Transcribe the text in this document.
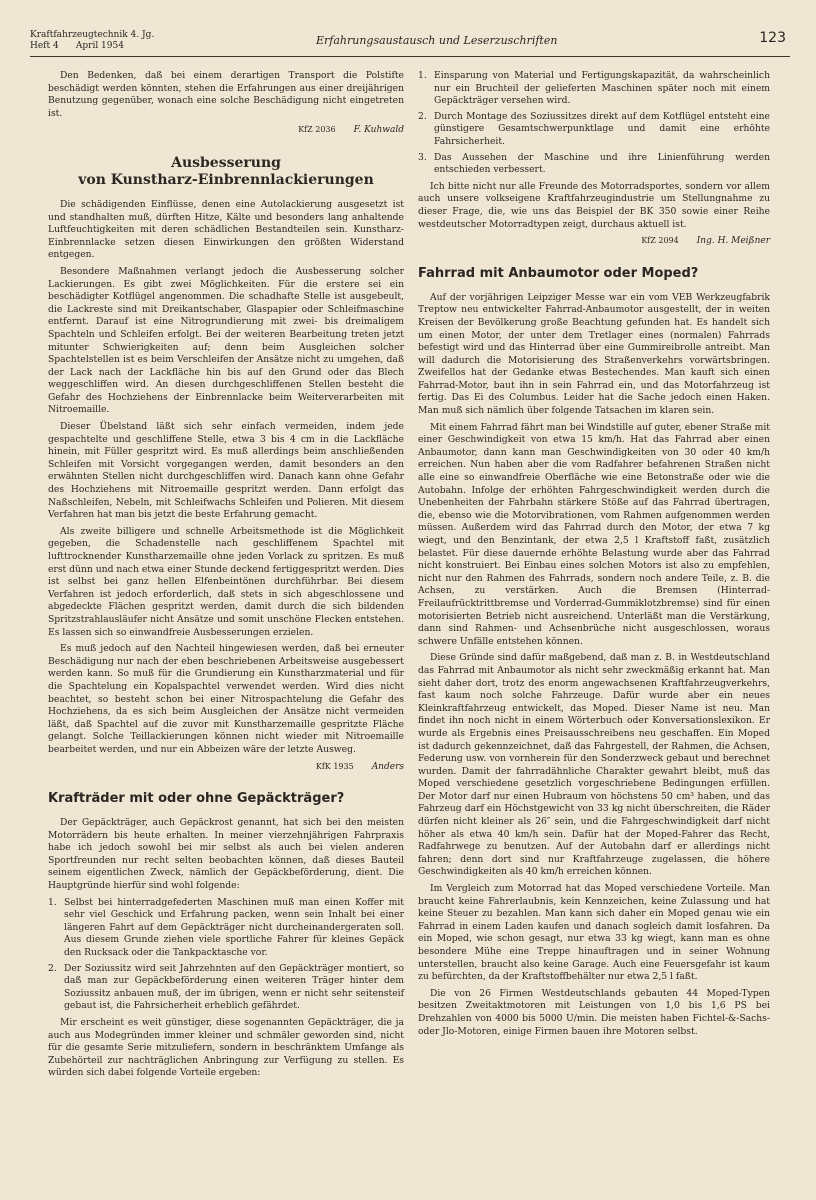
Kraftfahrzeugtechnik 4. Jg.
Heft 4      April 1954	Erfahrungsaustausch und Leserzuschriften	123

Den Bedenken, daß bei einem derartigen Transport die Polstifte beschädigt werden könnten, stehen die Erfahrungen aus einer dreijährigen Benutzung gegenüber, wonach eine solche Beschädigung nicht eingetreten ist.

KfZ 2036 F. Kuhwald
Ausbesserung
von Kunstharz-Einbrennlackierungen

Die schädigenden Einflüsse, denen eine Autolackierung ausgesetzt ist und standhalten muß, dürften Hitze, Kälte und besonders lang anhaltende Luftfeuchtigkeiten mit deren schädlichen Bestandteilen sein. Kunstharz-Einbrennlacke setzen diesen Einwirkungen den größten Widerstand entgegen.

Besondere Maßnahmen verlangt jedoch die Ausbesserung solcher Lackierungen. Es gibt zwei Möglichkeiten. Für die erstere sei ein beschädigter Kotflügel angenommen. Die schadhafte Stelle ist ausgebeult, die Lackreste sind mit Dreikantschaber, Glaspapier oder Schleifmaschine entfernt. Darauf ist eine Nitrogrundierung mit zwei- bis dreimaligem Spachteln und Schleifen erfolgt. Bei der weiteren Bearbeitung treten jetzt mitunter Schwierigkeiten auf; denn beim Ausgleichen solcher Spachtelstellen ist es beim Verschleifen der Ansätze nicht zu umgehen, daß der Lack nach der Lackfläche hin bis auf den Grund oder das Blech weggeschliffen wird. An diesen durchgeschliffenen Stellen besteht die Gefahr des Hochziehens der Einbrennlacke beim Weiterverarbeiten mit Nitroemaille.

Dieser Übelstand läßt sich sehr einfach vermeiden, indem jede gespachtelte und geschliffene Stelle, etwa 3 bis 4 cm in die Lackfläche hinein, mit Füller gespritzt wird. Es muß allerdings beim anschließenden Schleifen mit Vorsicht vorgegangen werden, damit besonders an den erwähnten Stellen nicht durchgeschliffen wird. Danach kann ohne Gefahr des Hochziehens mit Nitroemaille gespritzt werden. Dann erfolgt das Naßschleifen, Nebeln, mit Schleifwachs Schleifen und Polieren. Mit diesem Verfahren hat man bis jetzt die beste Erfahrung gemacht.

Als zweite billigere und schnelle Arbeitsmethode ist die Möglichkeit gegeben, die Schadenstelle nach geschliffenem Spachtel mit lufttrocknender Kunstharzemaille ohne jeden Vorlack zu spritzen. Es muß erst dünn und nach etwa einer Stunde deckend fertiggespritzt werden. Dies ist selbst bei ganz hellen Elfenbeintönen durchführbar. Bei diesem Verfahren ist jedoch erforderlich, daß stets in sich abgeschlossene und abgedeckte Flächen gespritzt werden, damit durch die sich bildenden Spritzstrahlausläufer nicht Ansätze und somit unschöne Flecken entstehen. Es lassen sich so einwandfreie Ausbesserungen erzielen.

Es muß jedoch auf den Nachteil hingewiesen werden, daß bei erneuter Beschädigung nur nach der eben beschriebenen Arbeitsweise ausgebessert werden kann. So muß für die Grundierung ein Kunstharzmaterial und für die Spachtelung ein Kopalspachtel verwendet werden. Wird dies nicht beachtet, so besteht schon bei einer Nitrospachtelung die Gefahr des Hochziehens, da es sich beim Ausgleichen der Ansätze nicht vermeiden läßt, daß Spachtel auf die zuvor mit Kunstharzemaille gespritzte Fläche gelangt. Solche Teillackierungen können nicht wieder mit Nitroemaille bearbeitet werden, und nur ein Abbeizen wäre der letzte Ausweg.

KfK 1935 Anders
Krafträder mit oder ohne Gepäckträger?

Der Gepäckträger, auch Gepäckrost genannt, hat sich bei den meisten Motorrädern bis heute erhalten. In meiner vierzehnjährigen Fahrpraxis habe ich jedoch sowohl bei mir selbst als auch bei vielen anderen Sportfreunden nur recht selten beobachten können, daß dieses Bauteil seinem eigentlichen Zweck, nämlich der Gepäckbeförderung, dient. Die Hauptgründe hierfür sind wohl folgende:

1. Selbst bei hinterradgefederten Maschinen muß man einen Koffer mit sehr viel Geschick und Erfahrung packen, wenn sein Inhalt bei einer längeren Fahrt auf dem Gepäckträger nicht durcheinandergeraten soll. Aus diesem Grunde ziehen viele sportliche Fahrer für kleines Gepäck den Rucksack oder die Tankpacktasche vor.
2. Der Soziussitz wird seit Jahrzehnten auf den Gepäckträger montiert, so daß man zur Gepäckbeförderung einen weiteren Träger hinter dem Soziussitz anbauen muß, der im übrigen, wenn er nicht sehr seitensteif gebaut ist, die Fahrsicherheit erheblich gefährdet.

Mir erscheint es weit günstiger, diese sogenannten Gepäckträger, die ja auch aus Modegründen immer kleiner und schmäler geworden sind, nicht für die gesamte Serie mitzuliefern, sondern in beschränktem Umfange als Zubehörteil zur nachträglichen Anbringung zur Verfügung zu stellen. Es würden sich dabei folgende Vorteile ergeben:

1. Einsparung von Material und Fertigungskapazität, da wahrscheinlich nur ein Bruchteil der gelieferten Maschinen später noch mit einem Gepäckträger versehen wird.
2. Durch Montage des Soziussitzes direkt auf dem Kotflügel entsteht eine günstigere Gesamtschwerpunktlage und damit eine erhöhte Fahrsicherheit.
3. Das Aussehen der Maschine und ihre Linienführung werden entschieden verbessert.

Ich bitte nicht nur alle Freunde des Motorradsportes, sondern vor allem auch unsere volkseigene Kraftfahrzeugindustrie um Stellungnahme zu dieser Frage, die, wie uns das Beispiel der BK 350 sowie einer Reihe westdeutscher Motorradtypen zeigt, durchaus aktuell ist.

KfZ 2094 Ing. H. Meißner
Fahrrad mit Anbaumotor oder Moped?

Auf der vorjährigen Leipziger Messe war ein vom VEB Werkzeugfabrik Treptow neu entwickelter Fahrrad-Anbaumotor ausgestellt, der in weiten Kreisen der Bevölkerung große Beachtung gefunden hat. Es handelt sich um einen Motor, der unter dem Tretlager eines (normalen) Fahrrads befestigt wird und das Hinterrad über eine Gummireibrolle antreibt. Man will dadurch die Motorisierung des Straßenverkehrs vorwärtsbringen. Zweifellos hat der Gedanke etwas Bestechendes. Man kauft sich einen Fahrrad-Motor, baut ihn in sein Fahrrad ein, und das Motorfahrzeug ist fertig. Das Ei des Columbus. Leider hat die Sache jedoch einen Haken. Man muß sich nämlich über folgende Tatsachen im klaren sein.

Mit einem Fahrrad fährt man bei Windstille auf guter, ebener Straße mit einer Geschwindigkeit von etwa 15 km/h. Hat das Fahrrad aber einen Anbaumotor, dann kann man Geschwindigkeiten von 30 oder 40 km/h erreichen. Nun haben aber die vom Radfahrer befahrenen Straßen nicht alle eine so einwandfreie Oberfläche wie eine Betonstraße oder wie die Autobahn. Infolge der erhöhten Fahrgeschwindigkeit werden durch die Unebenheiten der Fahrbahn stärkere Stöße auf das Fahrrad übertragen, die, ebenso wie die Motorvibrationen, vom Rahmen aufgenommen werden müssen. Außerdem wird das Fahrrad durch den Motor, der etwa 7 kg wiegt, und den Benzintank, der etwa 2,5 l Kraftstoff faßt, zusätzlich belastet. Für diese dauernde erhöhte Belastung wurde aber das Fahrrad nicht konstruiert. Bei Einbau eines solchen Motors ist also zu empfehlen, nicht nur den Rahmen des Fahrrads, sondern noch andere Teile, z. B. die Achsen, zu verstärken. Auch die Bremsen (Hinterrad-Freilaufrücktrittbremse und Vorderrad-Gummiklotzbremse) sind für einen motorisierten Betrieb nicht ausreichend. Unterläßt man die Verstärkung, dann sind Rahmen- und Achsenbrüche nicht ausgeschlossen, woraus schwere Unfälle entstehen können.

Diese Gründe sind dafür maßgebend, daß man z. B. in Westdeutschland das Fahrrad mit Anbaumotor als nicht sehr zweckmäßig erkannt hat. Man sieht daher dort, trotz des enorm angewachsenen Kraftfahrzeugverkehrs, fast kaum noch solche Fahrzeuge. Dafür wurde aber ein neues Kleinkraftfahrzeug entwickelt, das Moped. Dieser Name ist neu. Man findet ihn noch nicht in einem Wörterbuch oder Konversationslexikon. Er wurde als Ergebnis eines Preisausschreibens neu geschaffen. Ein Moped ist dadurch gekennzeichnet, daß das Fahrgestell, der Rahmen, die Achsen, Federung usw. von vornherein für den Sonderzweck gebaut und berechnet wurden. Damit der fahrradähnliche Charakter gewahrt bleibt, muß das Moped verschiedene gesetzlich vorgeschriebene Bedingungen erfüllen. Der Motor darf nur einen Hubraum von höchstens 50 cm³ haben, und das Fahrzeug darf ein Höchstgewicht von 33 kg nicht überschreiten, die Räder dürfen nicht kleiner als 26″ sein, und die Fahrgeschwindigkeit darf nicht höher als etwa 40 km/h sein. Dafür hat der Moped-Fahrer das Recht, Radfahrwege zu benutzen. Auf der Autobahn darf er allerdings nicht fahren; denn dort sind nur Kraftfahrzeuge zugelassen, die höhere Geschwindigkeiten als 40 km/h erreichen können.

Im Vergleich zum Motorrad hat das Moped verschiedene Vorteile. Man braucht keine Fahrerlaubnis, kein Kennzeichen, keine Zulassung und hat keine Steuer zu bezahlen. Man kann sich daher ein Moped genau wie ein Fahrrad in einem Laden kaufen und danach sogleich damit losfahren. Da ein Moped, wie schon gesagt, nur etwa 33 kg wiegt, kann man es ohne besondere Mühe eine Treppe hinauftragen und in seiner Wohnung unterstellen, braucht also keine Garage. Auch eine Feuersgefahr ist kaum zu befürchten, da der Kraftstoffbehälter nur etwa 2,5 l faßt.

Die von 26 Firmen Westdeutschlands gebauten 44 Moped-Typen besitzen Zweitaktmotoren mit Leistungen von 1,0 bis 1,6 PS bei Drehzahlen von 4000 bis 5000 U/min. Die meisten haben Fichtel-&-Sachs- oder Jlo-Motoren, einige Firmen bauen ihre Motoren selbst.
